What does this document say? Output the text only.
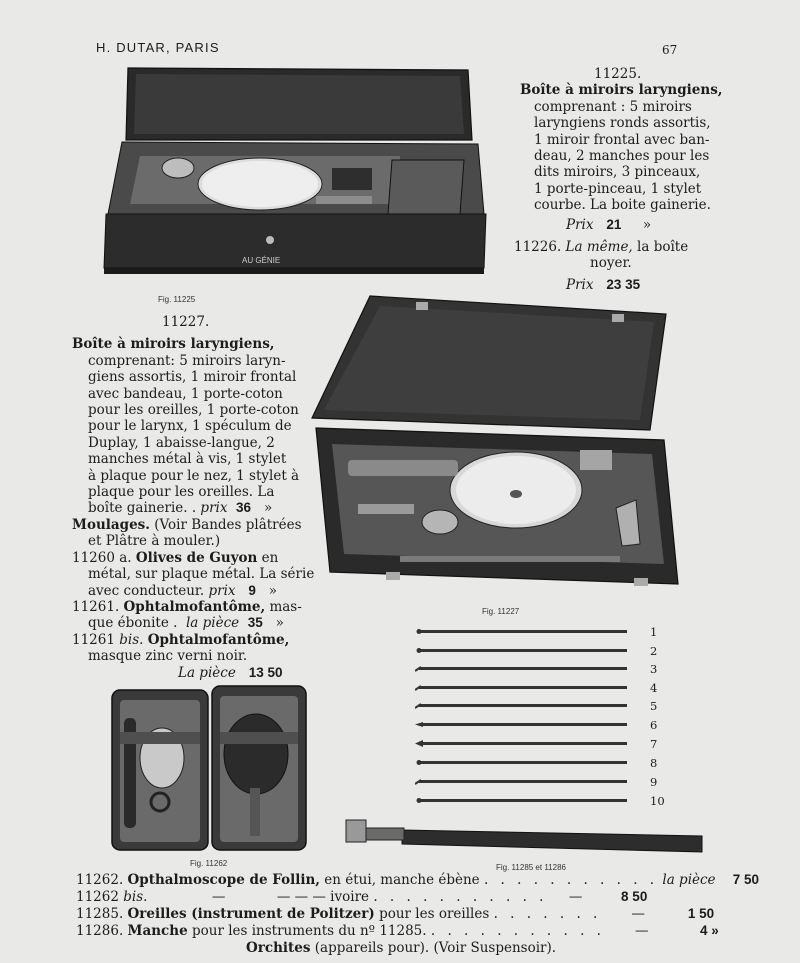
H. DUTAR, PARIS	67
AU GÉNIE
Fig. 11225
11225.
Boîte à miroirs laryngiens,
comprenant : 5 miroirs
laryngiens ronds assortis,
1 miroir frontal avec ban-
deau, 2 manches pour les
dits miroirs, 3 pinceaux,
1 porte-pinceau, 1 stylet
courbe. La boite gainerie.
Prix 21 »
11226. La même, la boîte
noyer.
Prix 23 35
11227.
Boîte à miroirs laryngiens,
comprenant: 5 miroirs laryn-
giens assortis, 1 miroir frontal
avec bandeau, 1 porte-coton
pour les oreilles, 1 porte-coton
pour le larynx, 1 spéculum de
Duplay, 1 abaisse-langue, 2
manches métal à vis, 1 stylet
à plaque pour le nez, 1 stylet à
plaque pour les oreilles. La
boîte gainerie. . prix 36 »
Moulages. (Voir Bandes plâtrées
et Plâtre à mouler.)
11260 a. Olives de Guyon en
métal, sur plaque métal. La série
avec conducteur. prix 9 »
11261. Ophtalmofantôme, mas-
que ébonite . la pièce 35 »
11261 bis. Ophtalmofantôme,
masque zinc verni noir.
La pièce 13 50
Fig. 11227
Fig. 11262
1
2
3
4
5
6
7
8
9
10
Fig. 11285 et 11286
11262. Opthalmoscope de Follin, en étui, manche ébène . . . . . . . . . . . la pièce 7 50
11262 bis.	—	— — — ivoire . . . . . . . . . . . —	8 50
11285. Oreilles (instrument de Politzer) pour les oreilles . . . . . . . —	1 50
11286. Manche pour les instruments du nº 11285. . . . . . . . . . . . —	4 »
Orchites (appareils pour). (Voir Suspensoir).
